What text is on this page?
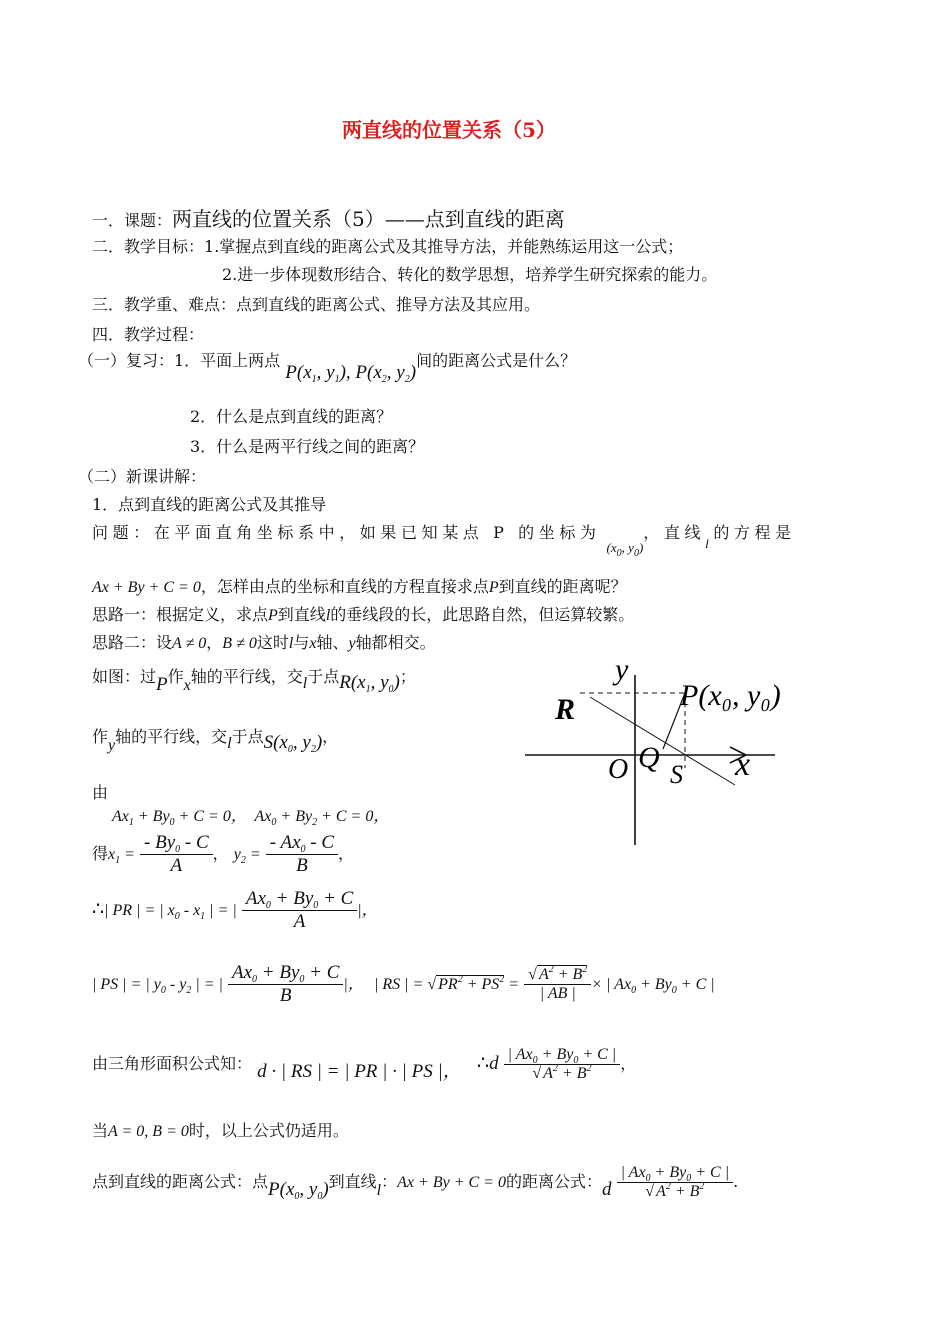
两直线的位置关系（5）
一．课题：两直线的位置关系（5）——点到直线的距离
二．教学目标：1.掌握点到直线的距离公式及其推导方法，并能熟练运用这一公式；
2.进一步体现数形结合、转化的数学思想，培养学生研究探索的能力。
三．教学重、难点：点到直线的距离公式、推导方法及其应用。
四．教学过程：
（一）复习：1．平面上两点 $P(x_1$, $y_1$), $P(x_2$, $y_2$)间的距离公式是什么？
2．什么是点到直线的距离？
3．什么是两平行线之间的距离？
（二）新课讲解：
1．点到直线的距离公式及其推导
问题：在平面直角坐标系中，如果已知某点 P 的坐标为$_{(x_0, y_0)}$，直线$_l$的方程是
Ax + By + C = 0，怎样由点的坐标和直线的方程直接求点P到直线的距离呢？
思路一：根据定义，求点P到直线l的垂线段的长，此思路自然，但运算较繁。
思路二：设A ≠ 0，B ≠ 0这时l与x轴、y轴都相交。
如图：过P作x轴的平行线，交l于点$R(x_1$, $y_0$)；
作y轴的平行线，交l于点$S(x_0$, $y_2$)，
由
$Ax_1 + By_0 + C = 0$，  $Ax_0 + By_2 + C = 0$，
得$x_1 = \frac{- By_0 - C}{A}$ ， $y_2 = \frac{- Ax_0 - C}{B}$ ，
∴| PR | = | $x_0 - x_1$ | = | $\frac{Ax_0 + By_0 + C}{A}$ |，
| PS | = | $y_0 - y_2$ | = | $\frac{Ax_0 + By_0 + C}{B}$ |， | RS | = √ $PR^2 + PS^2 = \frac{√ A^2 + B^2}{| AB |}$ × | $Ax_0 + By_0 + C$ |
由三角形面积公式知： d · | RS | = | PR | · | PS |， ∴d $\frac{| Ax_0 + By_0 + C |}{√ A^2 + B^2}$ ，
当A = 0, B = 0时，以上公式仍适用。
点到直线的距离公式：点$P(x_0$, $y_0$)到直线l：Ax + By + C = 0的距离公式：d $\frac{| Ax_0 + By_0 + C |}{√ A^2 + B^2}$ .
y
x
R
O Q
S
P(x₀, y₀)
